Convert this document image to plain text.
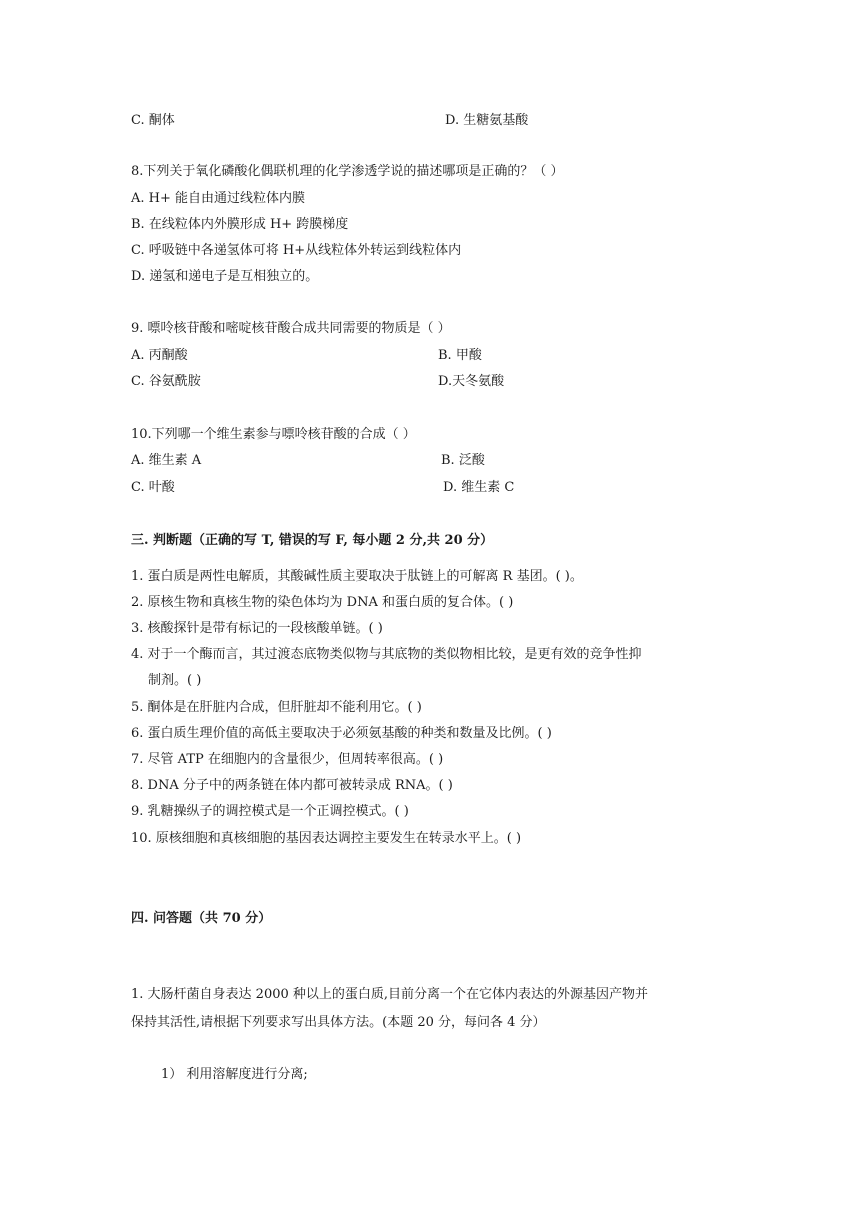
C. 酮体	D. 生糖氨基酸
8.下列关于氧化磷酸化偶联机理的化学渗透学说的描述哪项是正确的？（ ）
A. H+ 能自由通过线粒体内膜
B. 在线粒体内外膜形成 H+ 跨膜梯度
C. 呼吸链中各递氢体可将 H+从线粒体外转运到线粒体内
D. 递氢和递电子是互相独立的。
9. 嘌呤核苷酸和嘧啶核苷酸合成共同需要的物质是（ ）
A. 丙酮酸	B. 甲酸
C. 谷氨酰胺	D.天冬氨酸
10.下列哪一个维生素参与嘌呤核苷酸的合成（ ）
A. 维生素 A	B. 泛酸
C. 叶酸	D. 维生素 C
三. 判断题（正确的写 T, 错误的写 F, 每小题 2 分,共 20 分）
1. 蛋白质是两性电解质，其酸碱性质主要取决于肽链上的可解离 R 基团。( )。
2. 原核生物和真核生物的染色体均为 DNA 和蛋白质的复合体。( )
3. 核酸探针是带有标记的一段核酸单链。( )
4. 对于一个酶而言，其过渡态底物类似物与其底物的类似物相比较，是更有效的竞争性抑
制剂。( )
5. 酮体是在肝脏内合成，但肝脏却不能利用它。( )
6. 蛋白质生理价值的高低主要取决于必须氨基酸的种类和数量及比例。( )
7. 尽管 ATP 在细胞内的含量很少，但周转率很高。( )
8. DNA 分子中的两条链在体内都可被转录成 RNA。( )
9. 乳糖操纵子的调控模式是一个正调控模式。( )
10. 原核细胞和真核细胞的基因表达调控主要发生在转录水平上。( )
四. 问答题（共 70 分）
1. 大肠杆菌自身表达 2000 种以上的蛋白质,目前分离一个在它体内表达的外源基因产物并
保持其活性,请根据下列要求写出具体方法。(本题 20 分，每问各 4 分）
1） 利用溶解度进行分离;
